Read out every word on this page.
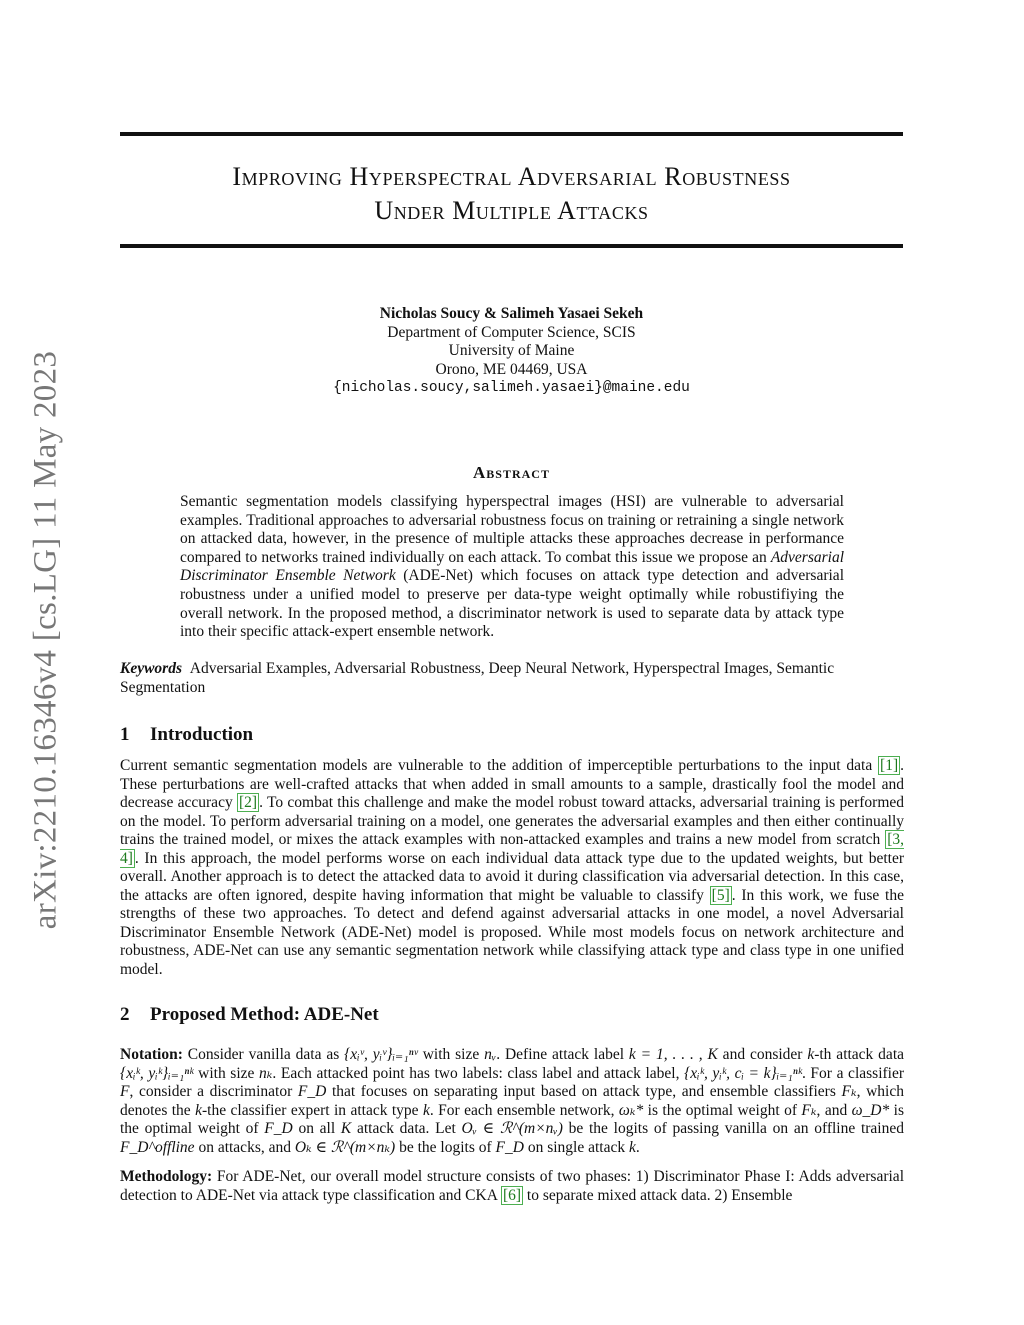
arXiv:2210.16346v4 [cs.LG] 11 May 2023
Improving Hyperspectral Adversarial Robustness
Under Multiple Attacks
Nicholas Soucy & Salimeh Yasaei Sekeh
Department of Computer Science, SCIS
University of Maine
Orono, ME 04469, USA
{nicholas.soucy,salimeh.yasaei}@maine.edu
Abstract
Semantic segmentation models classifying hyperspectral images (HSI) are vulnerable to adversarial examples. Traditional approaches to adversarial robustness focus on training or retraining a single network on attacked data, however, in the presence of multiple attacks these approaches decrease in performance compared to networks trained individually on each attack. To combat this issue we propose an Adversarial Discriminator Ensemble Network (ADE-Net) which focuses on attack type detection and adversarial robustness under a unified model to preserve per data-type weight optimally while robustifiying the overall network. In the proposed method, a discriminator network is used to separate data by attack type into their specific attack-expert ensemble network.
Keywords Adversarial Examples, Adversarial Robustness, Deep Neural Network, Hyperspectral Images, Semantic Segmentation
1 Introduction
Current semantic segmentation models are vulnerable to the addition of imperceptible perturbations to the input data [1] . These perturbations are well-crafted attacks that when added in small amounts to a sample, drastically fool the model and decrease accuracy [2] . To combat this challenge and make the model robust toward attacks, adversarial training is performed on the model. To perform adversarial training on a model, one generates the adversarial examples and then either continually trains the trained model, or mixes the attack examples with non-attacked examples and trains a new model from scratch [3, 4] . In this approach, the model performs worse on each individual data attack type due to the updated weights, but better overall. Another approach is to detect the attacked data to avoid it during classification via adversarial detection. In this case, the attacks are often ignored, despite having information that might be valuable to classify [5] . In this work, we fuse the strengths of these two approaches. To detect and defend against adversarial attacks in one model, a novel Adversarial Discriminator Ensemble Network (ADE-Net) model is proposed. While most models focus on network architecture and robustness, ADE-Net can use any semantic segmentation network while classifying attack type and class type in one unified model.
2 Proposed Method: ADE-Net
Notation: Consider vanilla data as {xᵢᵛ, yᵢᵛ}ᵢ₌₁ⁿᵛ with size nᵥ. Define attack label k = 1, . . . , K and consider k-th attack data {xᵢᵏ, yᵢᵏ}ᵢ₌₁ⁿᵏ with size nₖ. Each attacked point has two labels: class label and attack label, {xᵢᵏ, yᵢᵏ, cᵢ = k}ᵢ₌₁ⁿᵏ. For a classifier F, consider a discriminator F_D that focuses on separating input based on attack type, and ensemble classifiers Fₖ, which denotes the k-the classifier expert in attack type k. For each ensemble network, ωₖ* is the optimal weight of Fₖ, and ω_D* is the optimal weight of F_D on all K attack data. Let Oᵥ ∈ ℛ^(m×nᵥ) be the logits of passing vanilla on an offline trained F_D^offline on attacks, and Oₖ ∈ ℛ^(m×nₖ) be the logits of F_D on single attack k.
Methodology: For ADE-Net, our overall model structure consists of two phases: 1) Discriminator Phase I: Adds adversarial detection to ADE-Net via attack type classification and CKA [6] to separate mixed attack data. 2) Ensemble
